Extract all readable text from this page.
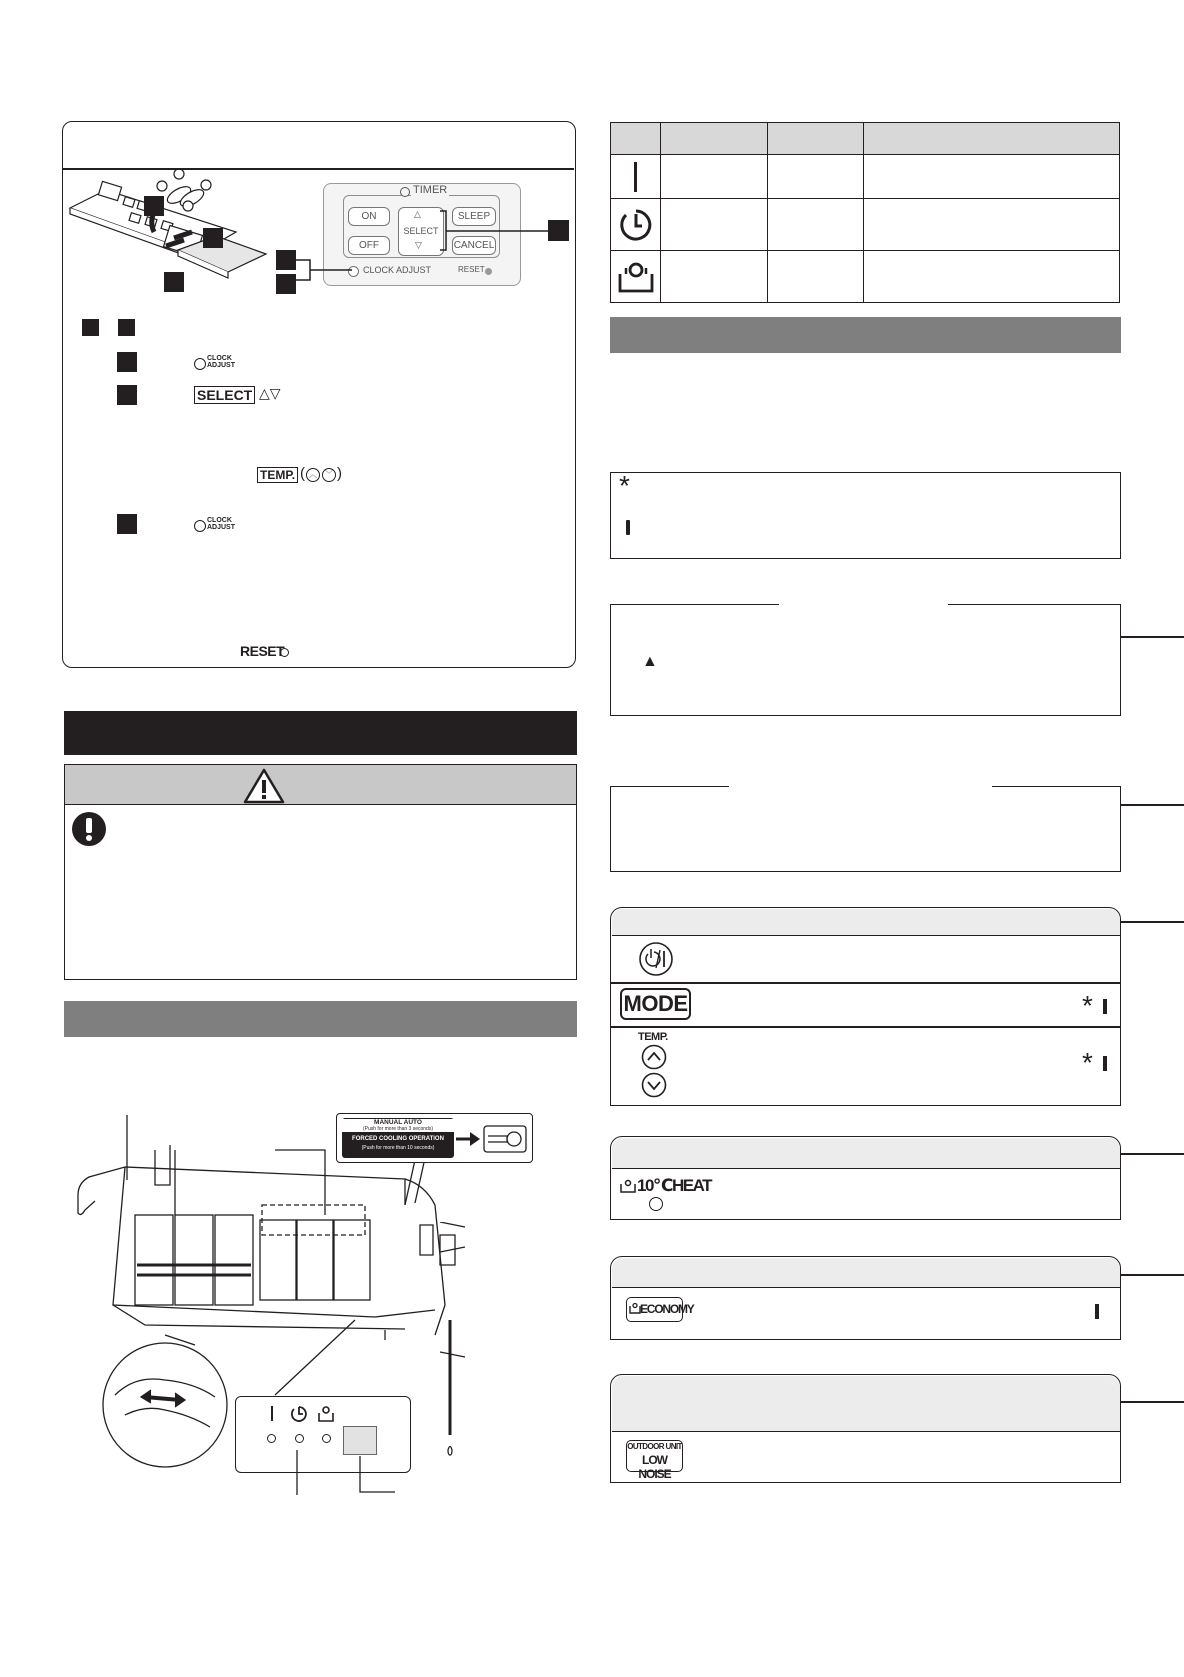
TIMER
ON
OFF
△
SELECT
▽
SLEEP
CANCEL
CLOCK ADJUST	RESET
CLOCK
ADJUST
SELECT △▽
TEMP. ( ︿	﹀ )
CLOCK
ADJUST
RESET
MANUAL AUTO
(Push for more than 3 seconds)
FORCED COOLING OPERATION
(Push for more than 10 seconds)

*
▲
MODE	*
TEMP.
*
10℃HEAT
ECONOMY
OUTDOOR UNIT
LOW NOISE
